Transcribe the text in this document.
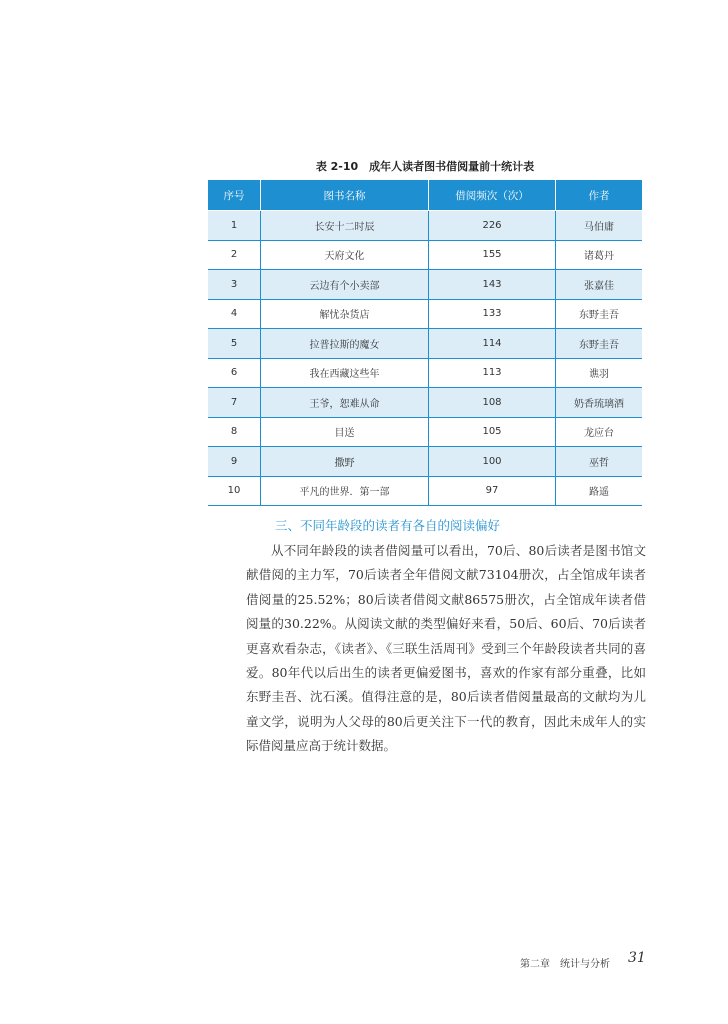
表 2-10　成年人读者图书借阅量前十统计表
序号	图书名称	借阅频次（次）	作者
1	长安十二时辰	226	马伯庸
2	天府文化	155	诸葛丹
3	云边有个小卖部	143	张嘉佳
4	解忧杂货店	133	东野圭吾
5	拉普拉斯的魔女	114	东野圭吾
6	我在西藏这些年	113	谯羽
7	王爷，恕难从命	108	奶香琉璃酒
8	目送	105	龙应台
9	撒野	100	巫哲
10	平凡的世界．第一部	97	路遥
三、不同年龄段的读者有各自的阅读偏好

从不同年龄段的读者借阅量可以看出，70后、80后读者是图书馆文献借阅的主力军，70后读者全年借阅文献73104册次，占全馆成年读者借阅量的25.52%；80后读者借阅文献86575册次，占全馆成年读者借阅量的30.22%。从阅读文献的类型偏好来看，50后、60后、70后读者更喜欢看杂志，《读者》、《三联生活周刊》受到三个年龄段读者共同的喜爱。80年代以后出生的读者更偏爱图书，喜欢的作家有部分重叠，比如东野圭吾、沈石溪。值得注意的是，80后读者借阅量最高的文献均为儿童文学，说明为人父母的80后更关注下一代的教育，因此未成年人的实际借阅量应高于统计数据。

第二章　统计与分析 31
